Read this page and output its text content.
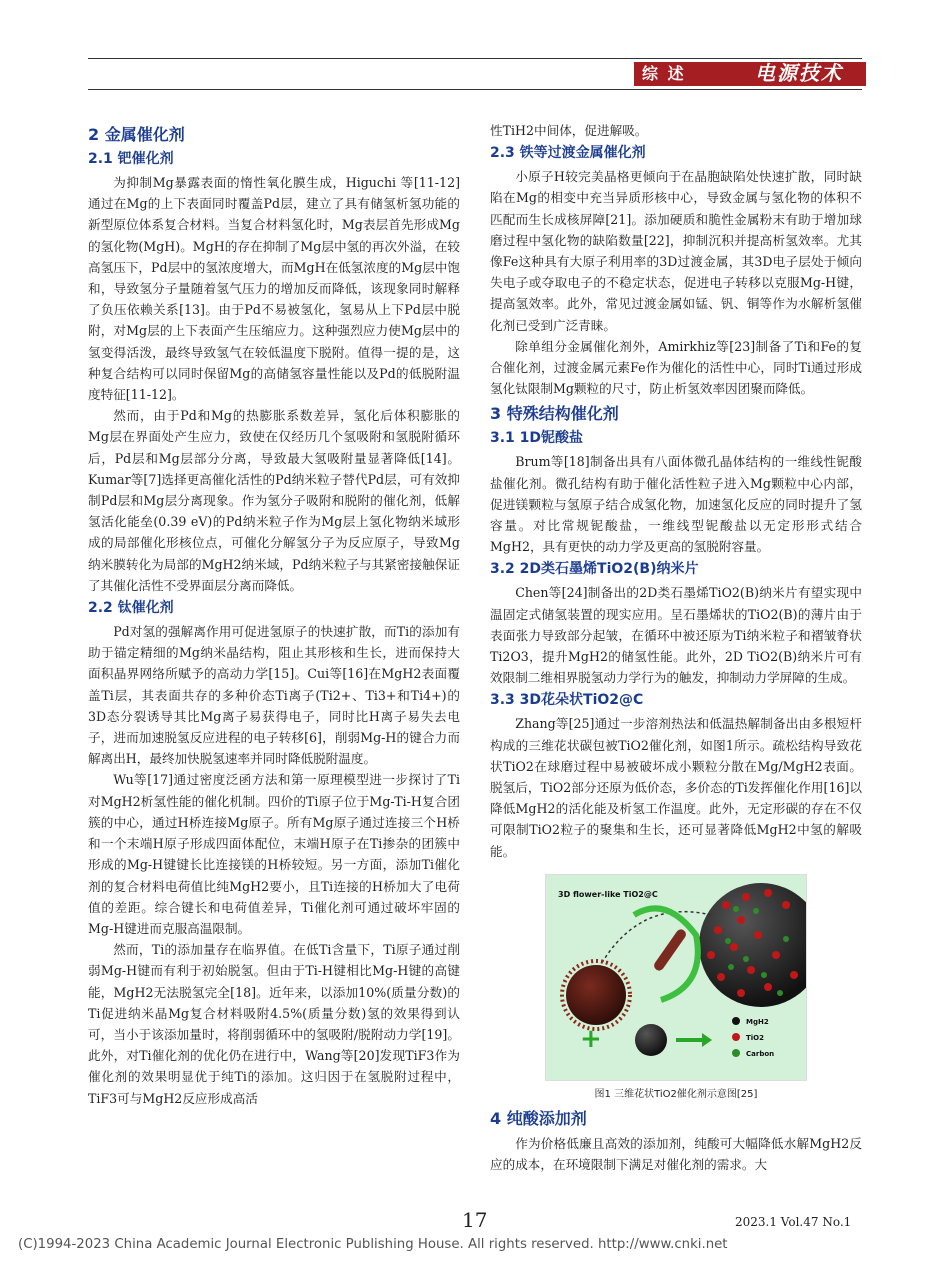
综 述	电源技术
2 金属催化剂
2.1 钯催化剂

为抑制Mg暴露表面的惰性氧化膜生成，Higuchi 等[11-12]通过在Mg的上下表面同时覆盖Pd层，建立了具有储氢析氢功能的新型原位体系复合材料。当复合材料氢化时，Mg表层首先形成Mg的氢化物(MgH)。MgH的存在抑制了Mg层中氢的再次外溢，在较高氢压下，Pd层中的氢浓度增大，而MgH在低氢浓度的Mg层中饱和，导致氢分子量随着氢气压力的增加反而降低，该现象同时解释了负压依赖关系[13]。由于Pd不易被氢化，氢易从上下Pd层中脱附，对Mg层的上下表面产生压缩应力。这种强烈应力使Mg层中的氢变得活泼，最终导致氢气在较低温度下脱附。值得一提的是，这种复合结构可以同时保留Mg的高储氢容量性能以及Pd的低脱附温度特征[11-12]。

然而，由于Pd和Mg的热膨胀系数差异，氢化后体积膨胀的Mg层在界面处产生应力，致使在仅经历几个氢吸附和氢脱附循环后，Pd层和Mg层部分分离，导致最大氢吸附量显著降低[14]。Kumar等[7]选择更高催化活性的Pd纳米粒子替代Pd层，可有效抑制Pd层和Mg层分离现象。作为氢分子吸附和脱附的催化剂，低解氢活化能垒(0.39 eV)的Pd纳米粒子作为Mg层上氢化物纳米域形成的局部催化形核位点，可催化分解氢分子为反应原子，导致Mg纳米膜转化为局部的MgH2纳米域，Pd纳米粒子与其紧密接触保证了其催化活性不受界面层分离而降低。

2.2 钛催化剂

Pd对氢的强解离作用可促进氢原子的快速扩散，而Ti的添加有助于锚定精细的Mg纳米晶结构，阻止其形核和生长，进而保持大面积晶界网络所赋予的高动力学[15]。Cui等[16]在MgH2表面覆盖Ti层，其表面共存的多种价态Ti离子(Ti2+、Ti3+和Ti4+)的3D态分裂诱导其比Mg离子易获得电子，同时比H离子易失去电子，进而加速脱氢反应进程的电子转移[6]，削弱Mg-H的键合力而解离出H，最终加快脱氢速率并同时降低脱附温度。

Wu等[17]通过密度泛函方法和第一原理模型进一步探讨了Ti对MgH2析氢性能的催化机制。四价的Ti原子位于Mg-Ti-H复合团簇的中心，通过H桥连接Mg原子。所有Mg原子通过连接三个H桥和一个末端H原子形成四面体配位，末端H原子在Ti掺杂的团簇中形成的Mg-H键键长比连接镁的H桥较短。另一方面，添加Ti催化剂的复合材料电荷值比纯MgH2要小，且Ti连接的H桥加大了电荷值的差距。综合键长和电荷值差异，Ti催化剂可通过破坏牢固的Mg-H键进而克服高温限制。

然而，Ti的添加量存在临界值。在低Ti含量下，Ti原子通过削弱Mg-H键而有利于初始脱氢。但由于Ti-H键相比Mg-H键的高键能，MgH2无法脱氢完全[18]。近年来，以添加10%(质量分数)的Ti促进纳米晶Mg复合材料吸附4.5%(质量分数)氢的效果得到认可，当小于该添加量时，将削弱循环中的氢吸附/脱附动力学[19]。此外，对Ti催化剂的优化仍在进行中，Wang等[20]发现TiF3作为催化剂的效果明显优于纯Ti的添加。这归因于在氢脱附过程中，TiF3可与MgH2反应形成高活

性TiH2中间体，促进解吸。

2.3 铁等过渡金属催化剂

小原子H较完美晶格更倾向于在晶胞缺陷处快速扩散，同时缺陷在Mg的相变中充当异质形核中心，导致金属与氢化物的体积不匹配而生长成核屏障[21]。添加硬质和脆性金属粉末有助于增加球磨过程中氢化物的缺陷数量[22]，抑制沉积并提高析氢效率。尤其像Fe这种具有大原子利用率的3D过渡金属，其3D电子层处于倾向失电子或夺取电子的不稳定状态，促进电子转移以克服Mg-H键，提高氢效率。此外，常见过渡金属如锰、钒、铜等作为水解析氢催化剂已受到广泛青睐。

除单组分金属催化剂外，Amirkhiz等[23]制备了Ti和Fe的复合催化剂，过渡金属元素Fe作为催化的活性中心，同时Ti通过形成氢化钛限制Mg颗粒的尺寸，防止析氢效率因团聚而降低。

3 特殊结构催化剂
3.1 1D铌酸盐

Brum等[18]制备出具有八面体微孔晶体结构的一维线性铌酸盐催化剂。微孔结构有助于催化活性粒子进入Mg颗粒中心内部，促进镁颗粒与氢原子结合成氢化物，加速氢化反应的同时提升了氢容量。对比常规铌酸盐，一维线型铌酸盐以无定形形式结合MgH2，具有更快的动力学及更高的氢脱附容量。

3.2 2D类石墨烯TiO2(B)纳米片

Chen等[24]制备出的2D类石墨烯TiO2(B)纳米片有望实现中温固定式储氢装置的现实应用。呈石墨烯状的TiO2(B)的薄片由于表面张力导致部分起皱，在循环中被还原为Ti纳米粒子和褶皱脊状Ti2O3，提升MgH2的储氢性能。此外，2D TiO2(B)纳米片可有效限制二维相界脱氢动力学行为的触发，抑制动力学屏障的生成。

3.3 3D花朵状TiO2@C

Zhang等[25]通过一步溶剂热法和低温热解制备出由多根短杆构成的三维花状碳包被TiO2催化剂，如图1所示。疏松结构导致花状TiO2在球磨过程中易被破坏成小颗粒分散在Mg/MgH2表面。脱氢后，TiO2部分还原为低价态，多价态的Ti发挥催化作用[16]以降低MgH2的活化能及析氢工作温度。此外，无定形碳的存在不仅可限制TiO2粒子的聚集和生长，还可显著降低MgH2中氢的解吸能。

3D flower-like TiO2@C
+
MgH2
TiO2
Carbon
图1 三维花状TiO2催化剂示意图[25]
4 纯酸添加剂

作为价格低廉且高效的添加剂，纯酸可大幅降低水解MgH2反应的成本，在环境限制下满足对催化剂的需求。大

17	2023.1 Vol.47 No.1
(C)1994-2023 China Academic Journal Electronic Publishing House. All rights reserved. http://www.cnki.net
